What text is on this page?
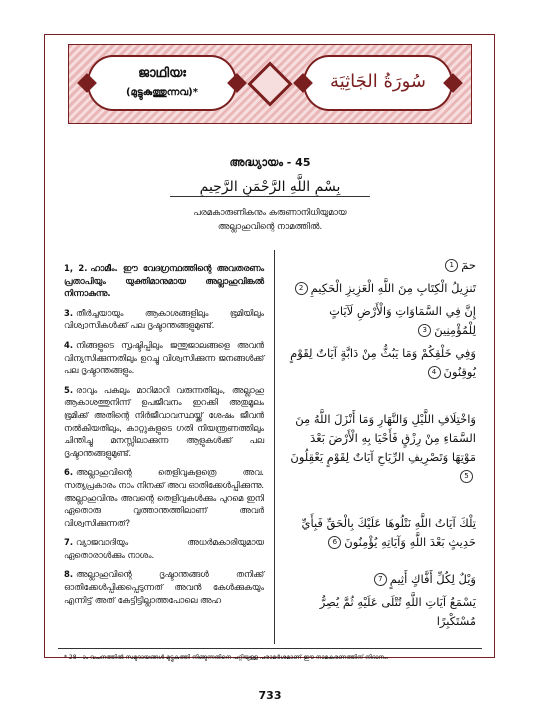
ജാഥിയഃ
(മുട്ടുകുത്തുന്നവ)*
سُورَةُ الجَاثِيَة
അദ്ധ്യായം - 45
بِسْمِ اللَّهِ الرَّحْمَنِ الرَّحِيمِ
പരമകാരുണികനും കരുണാനിധിയുമായ
അല്ലാഹുവിന്റെ നാമത്തിൽ.

1, 2. ഹാമീം. ഈ വേദഗ്രന്ഥത്തിന്റെ അവതരണം പ്രതാപിയും യുക്തിമാനുമായ അല്ലാഹുവിങ്കൽ നിന്നാകുന്നു.

3. തീർച്ചയായും ആകാശങ്ങളിലും ഭൂമിയിലും വിശ്വാസികൾക്ക് പല ദൃഷ്ടാന്തങ്ങളുമുണ്ട്.

4. നിങ്ങളുടെ സൃഷ്ടിപ്പിലും ജന്തുജാലങ്ങളെ അവൻ വിന്യസിക്കുന്നതിലും ഉറച്ചു വിശ്വസിക്കുന്ന ജനങ്ങൾക്ക് പല ദൃഷ്ടാന്തങ്ങളും.

5. രാവും പകലും മാറിമാറി വരുന്നതിലും, അല്ലാഹു ആകാശത്തുനിന്ന് ഉപജീവനം ഇറക്കി അതുമൂലം ഭൂമിക്ക് അതിന്റെ നിർജീവാവസ്ഥയ്ക്ക് ശേഷം ജീവൻ നൽകിയതിലും, കാറ്റുകളുടെ ഗതി നിയന്ത്രണത്തിലും ചിന്തിച്ചു മനസ്സിലാക്കുന്ന ആളുകൾക്ക് പല ദൃഷ്ടാന്തങ്ങളുമുണ്ട്.

6. അല്ലാഹുവിന്റെ തെളിവുകളത്രെ അവ. സത്യപ്രകാരം നാം നിനക്ക് അവ ഓതിക്കേൾപ്പിക്കുന്നു. അല്ലാഹുവിനും അവന്റെ തെളിവുകൾക്കും പുറമെ ഇനി ഏതൊരു വൃത്താന്തത്തിലാണ് അവർ വിശ്വസിക്കുന്നത്?

7. വ്യാജവാദിയും അധർമകാരിയുമായ ഏതൊരാൾക്കും നാശം.

8. അല്ലാഹുവിന്റെ ദൃഷ്ടാന്തങ്ങൾ തനിക്ക് ഓതിക്കേൾപ്പിക്കപ്പെടുന്നത് അവൻ കേൾക്കുകയും എന്നിട്ട് അത് കേട്ടിട്ടില്ലാത്തപോലെ അഹ

حمٓ1
تَنزِيلُ الْكِتَابِ مِنَ اللَّهِ الْعَزِيزِ الْحَكِيمِ2
إِنَّ فِي السَّمَاوَاتِ وَالْأَرْضِ لَآيَاتٍ لِلْمُؤْمِنِينَ3
وَفِي خَلْقِكُمْ وَمَا يَبُثُّ مِنْ دَابَّةٍ آيَاتٌ لِقَوْمٍ يُوقِنُونَ4
وَاخْتِلَافِ اللَّيْلِ وَالنَّهَارِ وَمَا أَنْزَلَ اللَّهُ مِنَ السَّمَاءِ مِنْ رِزْقٍ فَأَحْيَا بِهِ الْأَرْضَ بَعْدَ مَوْتِهَا وَتَصْرِيفِ الرِّيَاحِ آيَاتٌ لِقَوْمٍ يَعْقِلُونَ5
تِلْكَ آيَاتُ اللَّهِ نَتْلُوهَا عَلَيْكَ بِالْحَقِّ فَبِأَيِّ حَدِيثٍ بَعْدَ اللَّهِ وَآيَاتِهِ يُؤْمِنُونَ6
وَيْلٌ لِكُلِّ أَفَّاكٍ أَثِيمٍ7
يَسْمَعُ آيَاتِ اللَّهِ تُتْلَى عَلَيْهِ ثُمَّ يُصِرُّ مُسْتَكْبِرًا
* 28—ാം വചനത്തിൽ സമുദായങ്ങൾ മുട്ടുകുത്തി നിങ്ങുന്നതിനെ പറ്റിയുള്ള പരാമർശമാണ് ഈ നാമകരണത്തിന് നിദാനം.
733
